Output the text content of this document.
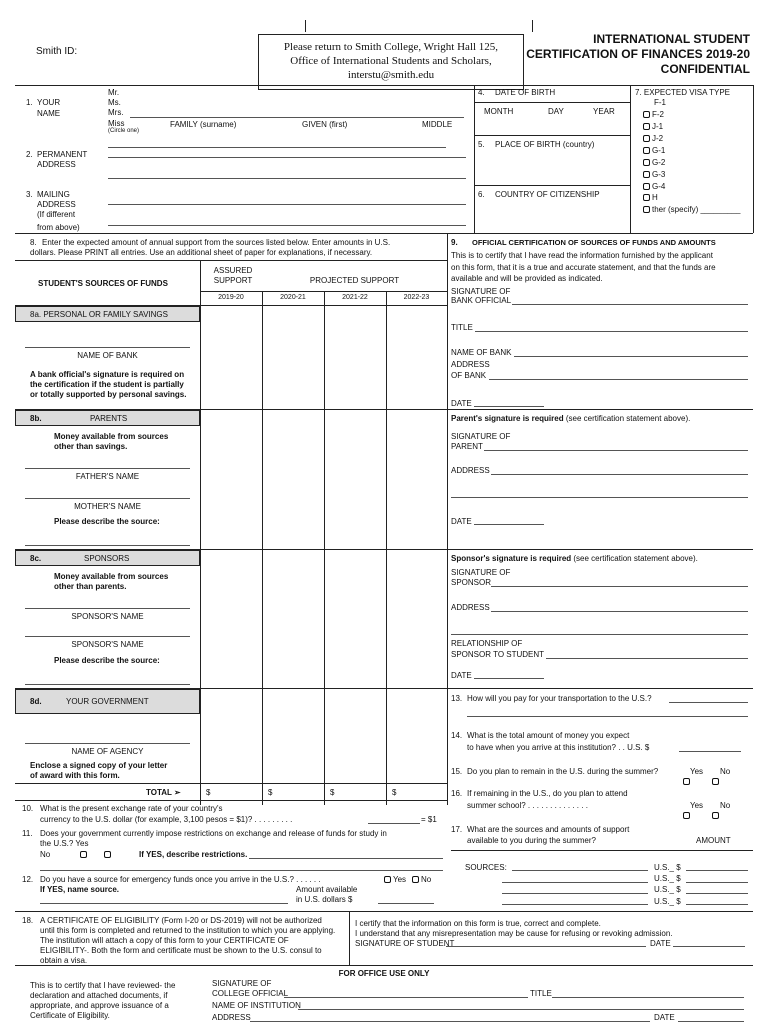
Smith ID:	Please return to Smith College, Wright Hall 125,
Office of International Students and Scholars,
interstu@smith.edu
INTERNATIONAL STUDENT
CERTIFICATION OF FINANCES 2019-20
CONFIDENTIAL
1. YOUR
NAME
Mr.
Ms.
Mrs.
Miss
(Circle one)
FAMILY (surname)	GIVEN (first)	MIDDLE
2. PERMANENT
ADDRESS
3. MAILING
ADDRESS
(If different
from above)
4. DATE OF BIRTH
MONTH	DAY	YEAR
5. PLACE OF BIRTH (country)
6. COUNTRY OF CITIZENSHIP
7. EXPECTED VISA TYPE
F-1
F-2
J-1
J-2
G-1
G-2
G-3
G-4
H
ther (specify) _________
8. Enter the expected amount of annual support from the sources listed below. Enter amounts in U.S.
dollars. Please PRINT all entries. Use an additional sheet of paper for explanations, if necessary.
STUDENT'S SOURCES OF FUNDS
ASSURED
SUPPORT	PROJECTED SUPPORT
2019-20	2020-21	2021-22	2022-23
8a. PERSONAL OR FAMILY SAVINGS
NAME OF BANK
A bank official's signature is required on
the certification if the student is partially
or totally supported by personal savings.
8b.	PARENTS
Money available from sources
other than savings.
FATHER'S NAME
MOTHER'S NAME
Please describe the source:
8c.	SPONSORS
Money available from sources
other than parents.
SPONSOR'S NAME
SPONSOR'S NAME
Please describe the source:
8d.	YOUR GOVERNMENT
NAME OF AGENCY
Enclose a signed copy of your letter
of award with this form.
TOTAL ➢	$	$	$	$
9. OFFICIAL CERTIFICATION OF SOURCES OF FUNDS AND AMOUNTS
This is to certify that I have read the information furnished by the applicant
on this form, that it is a true and accurate statement, and that the funds are
available and will be provided as indicated.
SIGNATURE OF
BANK OFFICIAL
TITLE
NAME OF BANK
ADDRESS
OF BANK
DATE
Parent's signature is required (see certification statement above).
SIGNATURE OF
PARENT
ADDRESS
DATE
Sponsor's signature is required (see certification statement above).
SIGNATURE OF
SPONSOR
ADDRESS
RELATIONSHIP OF
SPONSOR TO STUDENT
DATE
13. How will you pay for your transportation to the U.S.?
14. What is the total amount of money you expect
to have when you arrive at this institution? . . U.S. $
15. Do you plan to remain in the U.S. during the summer?	Yes No
16. If remaining in the U.S., do you plan to attend
summer school? . . . . . . . . . . . . . .	Yes No
17. What are the sources and amounts of support
available to you during the summer?	AMOUNT
SOURCES:	U.S._ $
U.S._ $
U.S._ $
U.S._ $
10. What is the present exchange rate of your country's
currency to the U.S. dollar (for example, 3,100 pesos = $1)? . . . . . . . . .	= $1
11. Does your government currently impose restrictions on exchange and release of funds for study in
the U.S.? Yes
No	If YES, describe restrictions.
12. Do you have a source for emergency funds once you arrive in the U.S.? . . . . . .	Yes	No
If YES, name source.	Amount available
in U.S. dollars $
18. A CERTIFICATE OF ELIGIBILITY (Form I-20 or DS-2019) will not be authorized
until this form is completed and returned to the institution to which you are applying.
The institution will attach a copy of this form to your CERTIFICATE OF
ELIGIBILITY-. Both the form and certificate must be shown to the U.S. consul to
obtain a visa.
I certify that the information on this form is true, correct and complete.
I understand that any misrepresentation may be cause for refusing or revoking admission.
SIGNATURE OF STUDENT	DATE
FOR OFFICE USE ONLY
This is to certify that I have reviewed- the
declaration and attached documents, if
appropriate, and approve issuance of a
Certificate of Eligibility.
SIGNATURE OF
COLLEGE OFFICIAL	TITLE
NAME OF INSTITUTION
ADDRESS	DATE
